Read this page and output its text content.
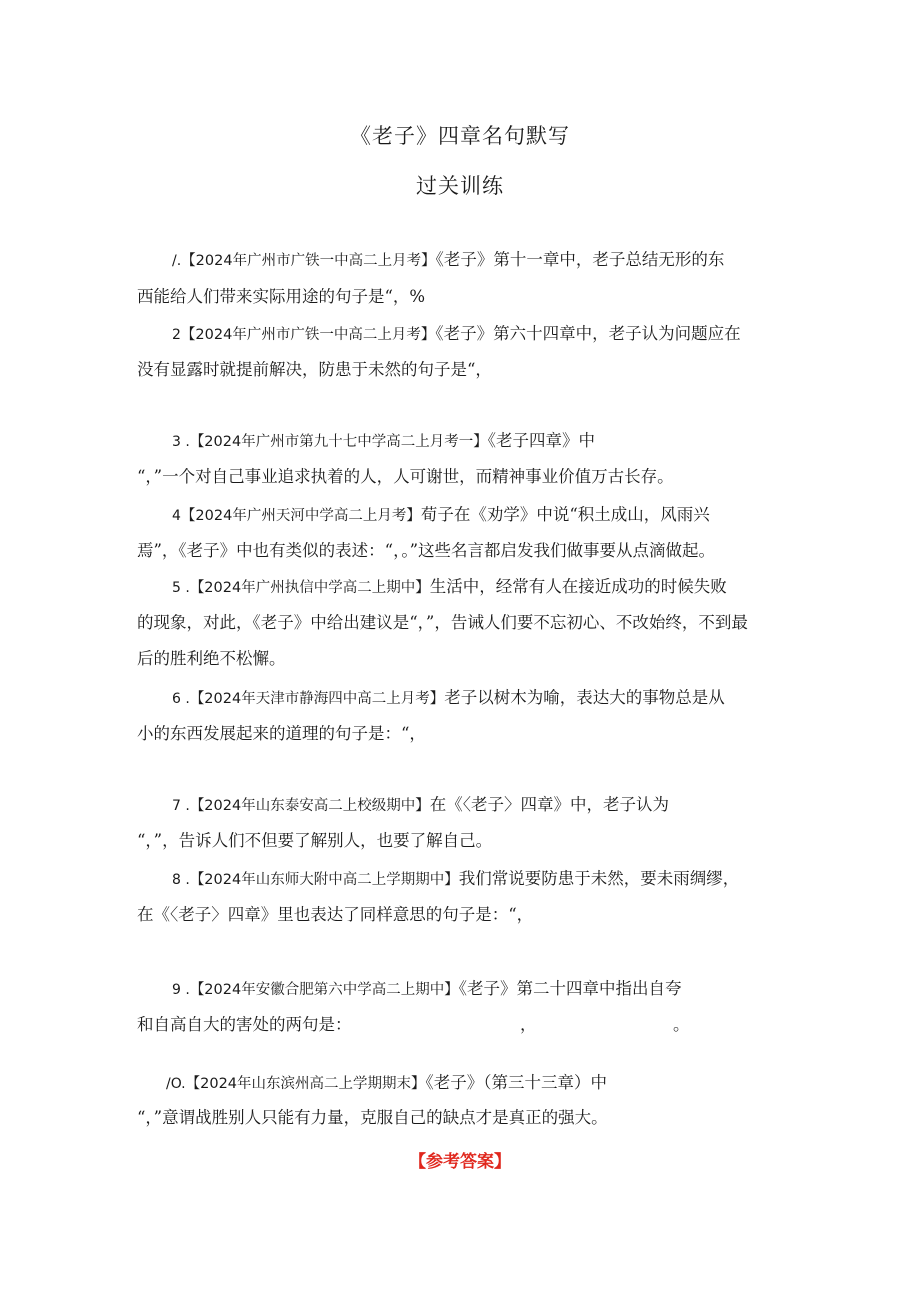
《老子》四章名句默写
过关训练
/.【2024年广州市广铁一中高二上月考】《老子》第十一章中，老子总结无形的东
西能给人们带来实际用途的句子是“，%
2【2024年广州市广铁一中高二上月考】《老子》第六十四章中，老子认为问题应在
没有显露时就提前解决，防患于未然的句子是“，
3 .【2024年广州市第九十七中学高二上月考一】《老子四章》中
“，”一个对自己事业追求执着的人，人可谢世，而精神事业价值万古长存。
4【2024年广州天河中学高二上月考】荀子在《劝学》中说“积土成山，风雨兴
焉”，《老子》中也有类似的表述：“，。”这些名言都启发我们做事要从点滴做起。
5 .【2024年广州执信中学高二上期中】生活中，经常有人在接近成功的时候失败
的现象，对此，《老子》中给出建议是“，”，告诫人们要不忘初心、不改始终，不到最
后的胜利绝不松懈。
6 .【2024年天津市静海四中高二上月考】老子以树木为喻，表达大的事物总是从
小的东西发展起来的道理的句子是：“，
7 .【2024年山东泰安高二上校级期中】在《〈老子〉四章》中，老子认为
“，”，告诉人们不但要了解别人，也要了解自己。
8 .【2024年山东师大附中高二上学期期中】我们常说要防患于未然，要未雨绸缪，
在《〈老子〉四章》里也表达了同样意思的句子是：“，
9 .【2024年安徽合肥第六中学高二上期中】《老子》第二十四章中指出自夸
和自高自大的害处的两句是：	，	。
/O.【2024年山东滨州高二上学期期末】《老子》（第三十三章）中
“，”意谓战胜别人只能有力量，克服自己的缺点才是真正的强大。
【参考答案】
